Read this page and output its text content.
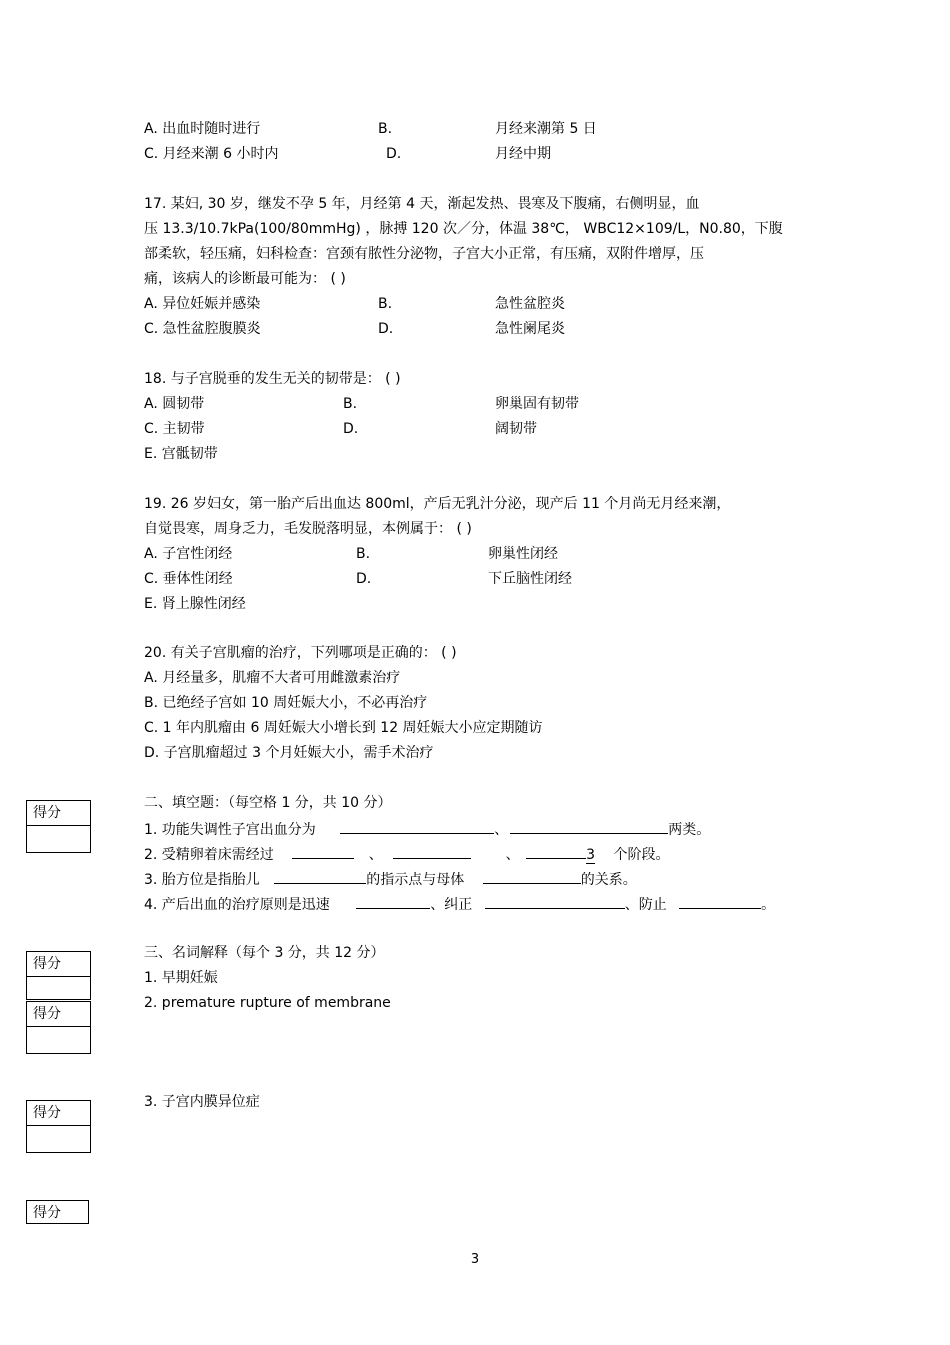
A. 出血时随时进行	B.	月经来潮第 5 日
C. 月经来潮 6 小时内	D.	月经中期
17. 某妇, 30 岁，继发不孕 5 年，月经第 4 天，渐起发热、畏寒及下腹痛，右侧明显，血
压 13.3/10.7kPa(100/80mmHg) ，脉搏 120 次／分，体温 38℃， WBC12×109/L，N0.80，下腹
部柔软，轻压痛，妇科检查：宫颈有脓性分泌物，子宫大小正常，有压痛，双附件增厚，压
痛，该病人的诊断最可能为： ( )
A. 异位妊娠并感染	B.	急性盆腔炎
C. 急性盆腔腹膜炎	D.	急性阑尾炎
18. 与子宫脱垂的发生无关的韧带是： ( )
A. 圆韧带	B.	卵巢固有韧带
C. 主韧带	D.	阔韧带
E. 宫骶韧带
19. 26 岁妇女，第一胎产后出血达 800ml，产后无乳汁分泌，现产后 11 个月尚无月经来潮，
自觉畏寒，周身乏力，毛发脱落明显，本例属于： ( )
A. 子宫性闭经	B.	卵巢性闭经
C. 垂体性闭经	D.	下丘脑性闭经
E. 肾上腺性闭经
20. 有关子宫肌瘤的治疗，下列哪项是正确的： ( )
A. 月经量多，肌瘤不大者可用雌激素治疗
B. 已绝经子宫如 10 周妊娠大小，不必再治疗
C. 1 年内肌瘤由 6 周妊娠大小增长到 12 周妊娠大小应定期随访
D. 子宫肌瘤超过 3 个月妊娠大小，需手术治疗
得分
二、填空题：（每空格 1 分，共 10 分）
1. 功能失调性子宫出血分为	、	两类。
2. 受精卵着床需经过	、	、	3 个阶段。
3. 胎方位是指胎儿	的指示点与母体	的关系。
4. 产后出血的治疗原则是迅速	、纠正	、防止	。
得分
得分
三、名词解释（每个 3 分，共 12 分）
1. 早期妊娠
2. premature rupture of membrane
得分
3. 子宫内膜异位症
得分
3
